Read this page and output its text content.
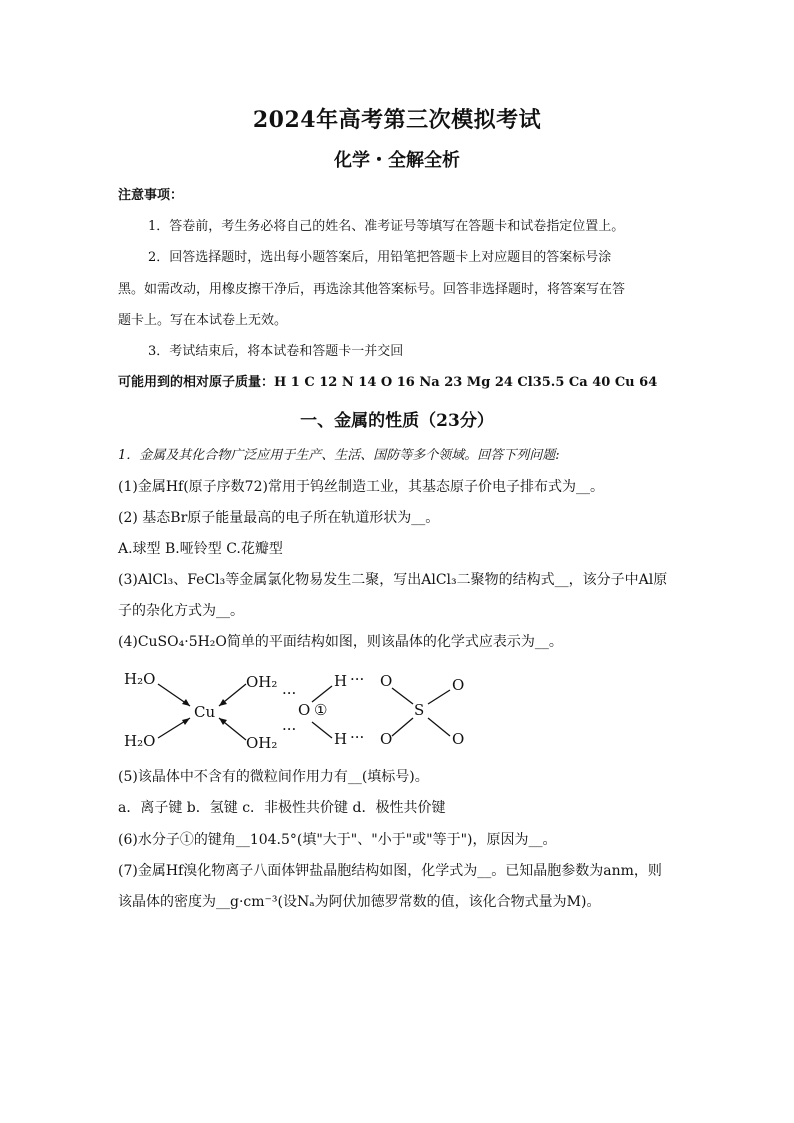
2024年高考第三次模拟考试
化学・全解全析
注意事项：
1．答卷前，考生务必将自己的姓名、准考证号等填写在答题卡和试卷指定位置上。
2．回答选择题时，选出每小题答案后，用铅笔把答题卡上对应题目的答案标号涂
黑。如需改动，用橡皮擦干净后，再选涂其他答案标号。回答非选择题时，将答案写在答
题卡上。写在本试卷上无效。
3．考试结束后，将本试卷和答题卡一并交回
可能用到的相对原子质量：H 1 C 12 N 14 O 16 Na 23 Mg 24 Cl35.5 Ca 40 Cu 64
一、金属的性质（23分）
1．金属及其化合物广泛应用于生产、生活、国防等多个领域。回答下列问题:
(1)金属Hf(原子序数72)常用于钨丝制造工业，其基态原子价电子排布式为__。
(2) 基态Br原子能量最高的电子所在轨道形状为__。
A.球型 B.哑铃型 C.花瓣型
(3)AlCl₃、FeCl₃等金属氯化物易发生二聚，写出AlCl₃二聚物的结构式__，该分子中Al原
子的杂化方式为__。
(4)CuSO₄·5H₂O简单的平面结构如图，则该晶体的化学式应表示为__。
H₂O
H₂O
Cu
OH₂
OH₂
···
···
O ①
H
H
···
···
O
O
S
O
O
(5)该晶体中不含有的微粒间作用力有__(填标号)。
a．离子键 b．氢键 c．非极性共价键 d．极性共价键
(6)水分子①的键角__104.5°(填"大于"、"小于"或"等于")，原因为__。
(7)金属Hf溴化物离子八面体钾盐晶胞结构如图，化学式为__。已知晶胞参数为anm，则
该晶体的密度为__g·cm⁻³(设Nₐ为阿伏加德罗常数的值，该化合物式量为M)。
